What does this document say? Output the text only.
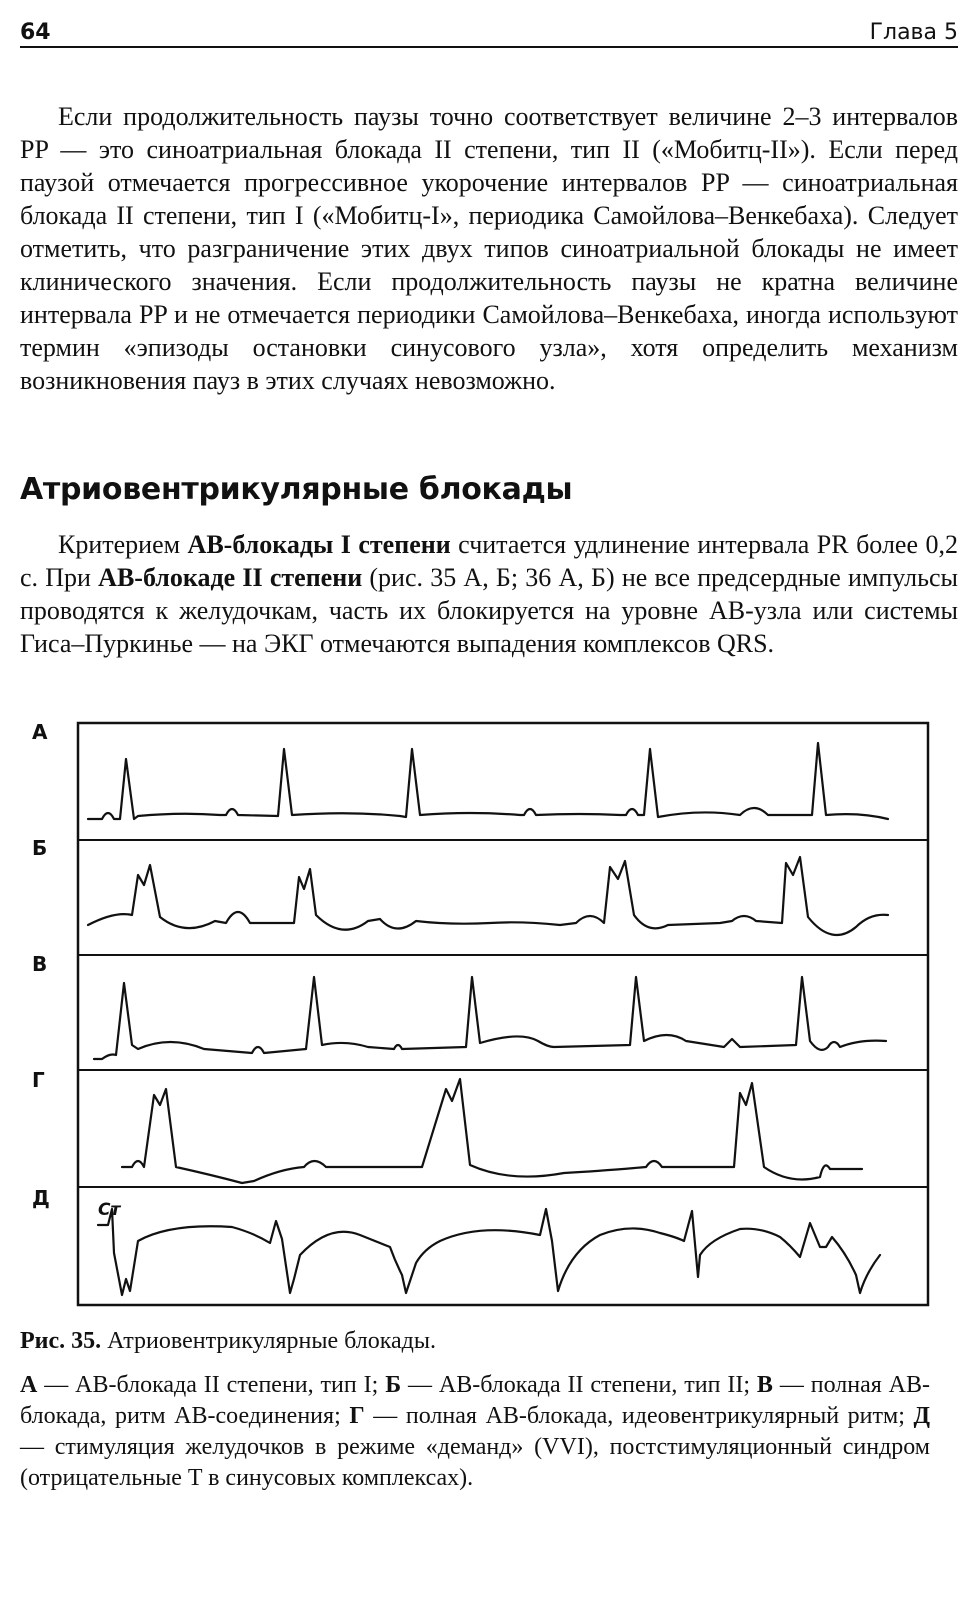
64	Глава 5

Если продолжительность паузы точно соответствует величине 2–3 интервалов PP — это синоатриальная блокада II степени, тип II («Мобитц-II»). Если перед паузой отмечается прогрессивное укорочение интервалов PP — синоатриальная блокада II степени, тип I («Мобитц-I», периодика Самойлова–Венкебаха). Следует отметить, что разграничение этих двух типов синоатриальной блокады не имеет клинического значения. Если продолжительность паузы не кратна величине интервала PP и не отмечается периодики Самойлова–Венкебаха, иногда используют термин «эпизоды остановки синусового узла», хотя определить механизм возникновения пауз в этих случаях невозможно.

Атриовентрикулярные блокады

Критерием АВ-блокады I степени считается удлинение интервала PR более 0,2 с. При АВ-блокаде II степени (рис. 35 А, Б; 36 А, Б) не все предсердные импульсы проводятся к желудочкам, часть их блокируется на уровне АВ-узла или системы Гиса–Пуркинье — на ЭКГ отмечаются выпадения комплексов QRS.

А
Б
В
Г
Д	Ст

Рис. 35. Атриовентрикулярные блокады.

А — АВ-блокада II степени, тип I; Б — АВ-блокада II степени, тип II; В — полная АВ-блокада, ритм АВ-соединения; Г — полная АВ-блокада, идеовентрикулярный ритм; Д — стимуляция желудочков в режиме «деманд» (VVI), постстимуляционный синдром (отрицательные T в синусовых комплексах).
